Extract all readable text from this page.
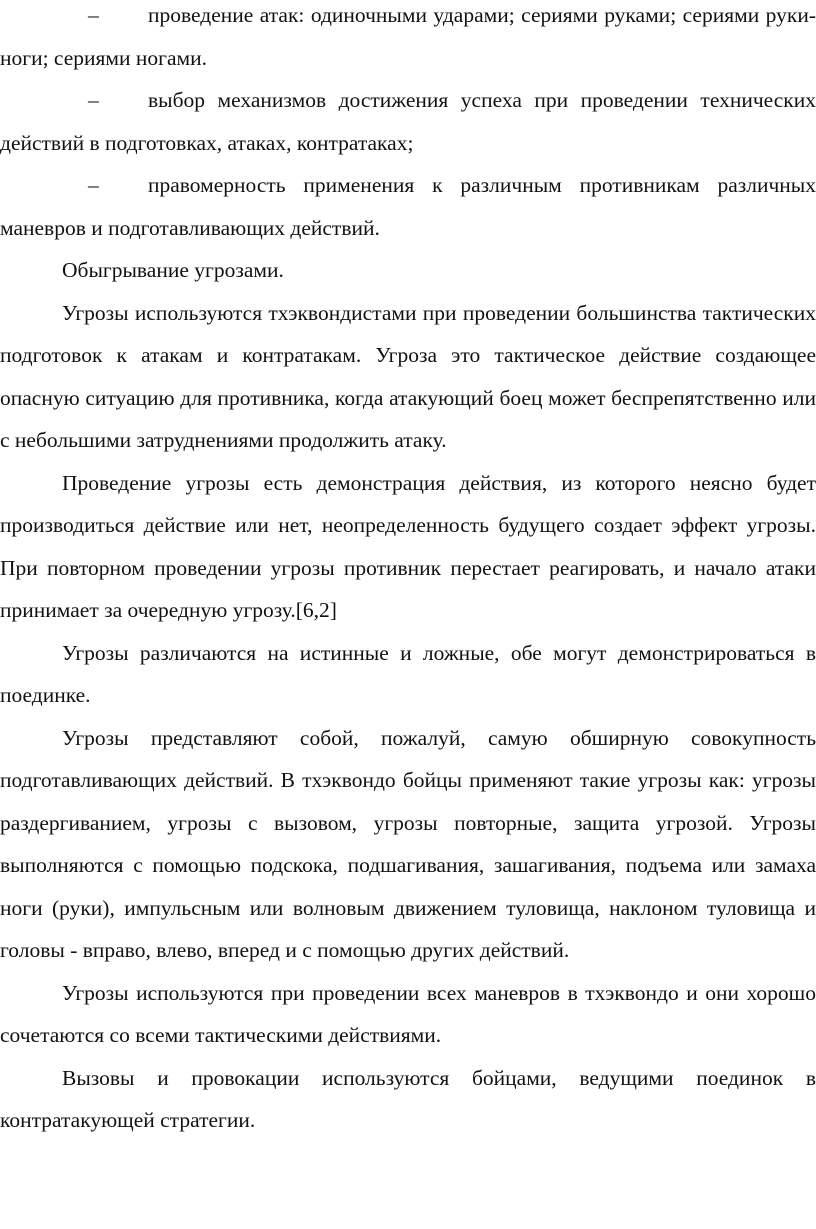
– проведение атак: одиночными ударами; сериями руками; сериями руки-ноги; сериями ногами.

– выбор механизмов достижения успеха при проведении технических действий в подготовках, атаках, контратаках;

– правомерность применения к различным противникам различных маневров и подготавливающих действий.

Обыгрывание угрозами.

Угрозы используются тхэквондистами при проведении большинства тактических подготовок к атакам и контратакам. Угроза это тактическое действие создающее опасную ситуацию для противника, когда атакующий боец может беспрепятственно или с небольшими затруднениями продолжить атаку.

Проведение угрозы есть демонстрация действия, из которого неясно будет производиться действие или нет, неопределенность будущего создает эффект угрозы. При повторном проведении угрозы противник перестает реагировать, и начало атаки принимает за очередную угрозу.[6,2]

Угрозы различаются на истинные и ложные, обе могут демонстрироваться в поединке.

Угрозы представляют собой, пожалуй, самую обширную совокупность подготавливающих действий. В тхэквондо бойцы применяют такие угрозы как: угрозы раздергиванием, угрозы с вызовом, угрозы повторные, защита угрозой. Угрозы выполняются с помощью подскока, подшагивания, зашагивания, подъема или замаха ноги (руки), импульсным или волновым движением туловища, наклоном туловища и головы - вправо, влево, вперед и с помощью других действий.

Угрозы используются при проведении всех маневров в тхэквондо и они хорошо сочетаются со всеми тактическими действиями.

Вызовы и провокации используются бойцами, ведущими поединок в контратакующей стратегии.
